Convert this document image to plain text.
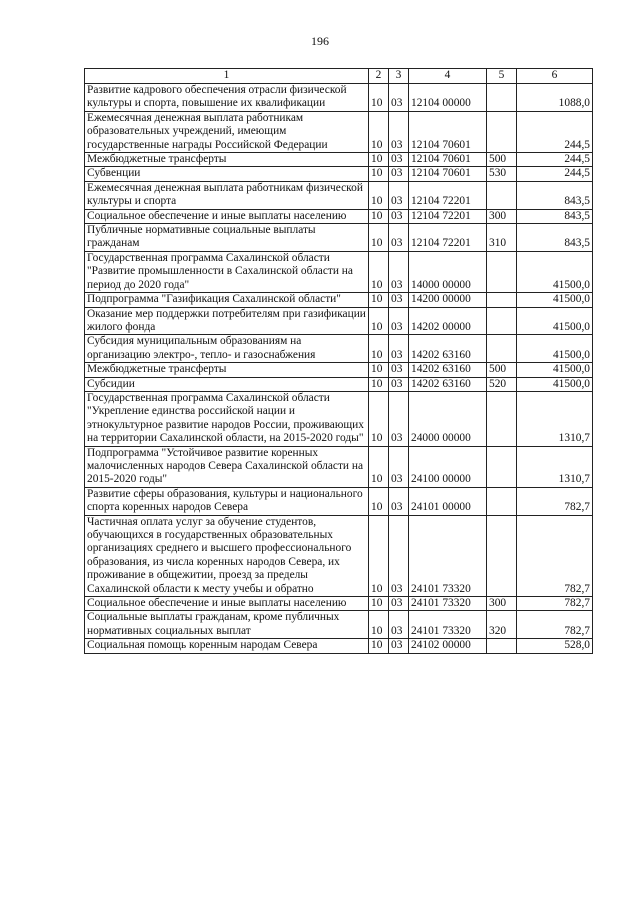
196
1	2	3	4	5	6
Развитие кадрового обеспечения отрасли физической культуры и спорта, повышение их квалификации	10	03	12104 00000		1088,0
Ежемесячная денежная выплата работникам образовательных учреждений, имеющим государственные награды Российской Федерации	10	03	12104 70601		244,5
Межбюджетные трансферты	10	03	12104 70601	500	244,5
Субвенции	10	03	12104 70601	530	244,5
Ежемесячная денежная выплата работникам физической культуры и спорта	10	03	12104 72201		843,5
Социальное обеспечение и иные выплаты населению	10	03	12104 72201	300	843,5
Публичные нормативные социальные выплаты гражданам	10	03	12104 72201	310	843,5
Государственная программа Сахалинской области "Развитие промышленности в Сахалинской области на период до 2020 года"	10	03	14000 00000		41500,0
Подпрограмма "Газификация Сахалинской области"	10	03	14200 00000		41500,0
Оказание мер поддержки потребителям при газификации жилого фонда	10	03	14202 00000		41500,0
Субсидия муниципальным образованиям на организацию электро-, тепло- и газоснабжения	10	03	14202 63160		41500,0
Межбюджетные трансферты	10	03	14202 63160	500	41500,0
Субсидии	10	03	14202 63160	520	41500,0
Государственная программа Сахалинской области "Укрепление единства российской нации и этнокультурное развитие народов России, проживающих на территории Сахалинской области, на 2015-2020 годы"	10	03	24000 00000		1310,7
Подпрограмма "Устойчивое развитие коренных малочисленных народов Севера Сахалинской области на 2015-2020 годы"	10	03	24100 00000		1310,7
Развитие сферы образования, культуры и национального спорта коренных народов Севера	10	03	24101 00000		782,7
Частичная оплата услуг за обучение студентов, обучающихся в государственных образовательных организациях среднего и высшего профессионального образования, из числа коренных народов Севера, их проживание в общежитии, проезд за пределы Сахалинской области к месту учебы и обратно	10	03	24101 73320		782,7
Социальное обеспечение и иные выплаты населению	10	03	24101 73320	300	782,7
Социальные выплаты гражданам, кроме публичных нормативных социальных выплат	10	03	24101 73320	320	782,7
Социальная помощь коренным народам Севера	10	03	24102 00000		528,0
